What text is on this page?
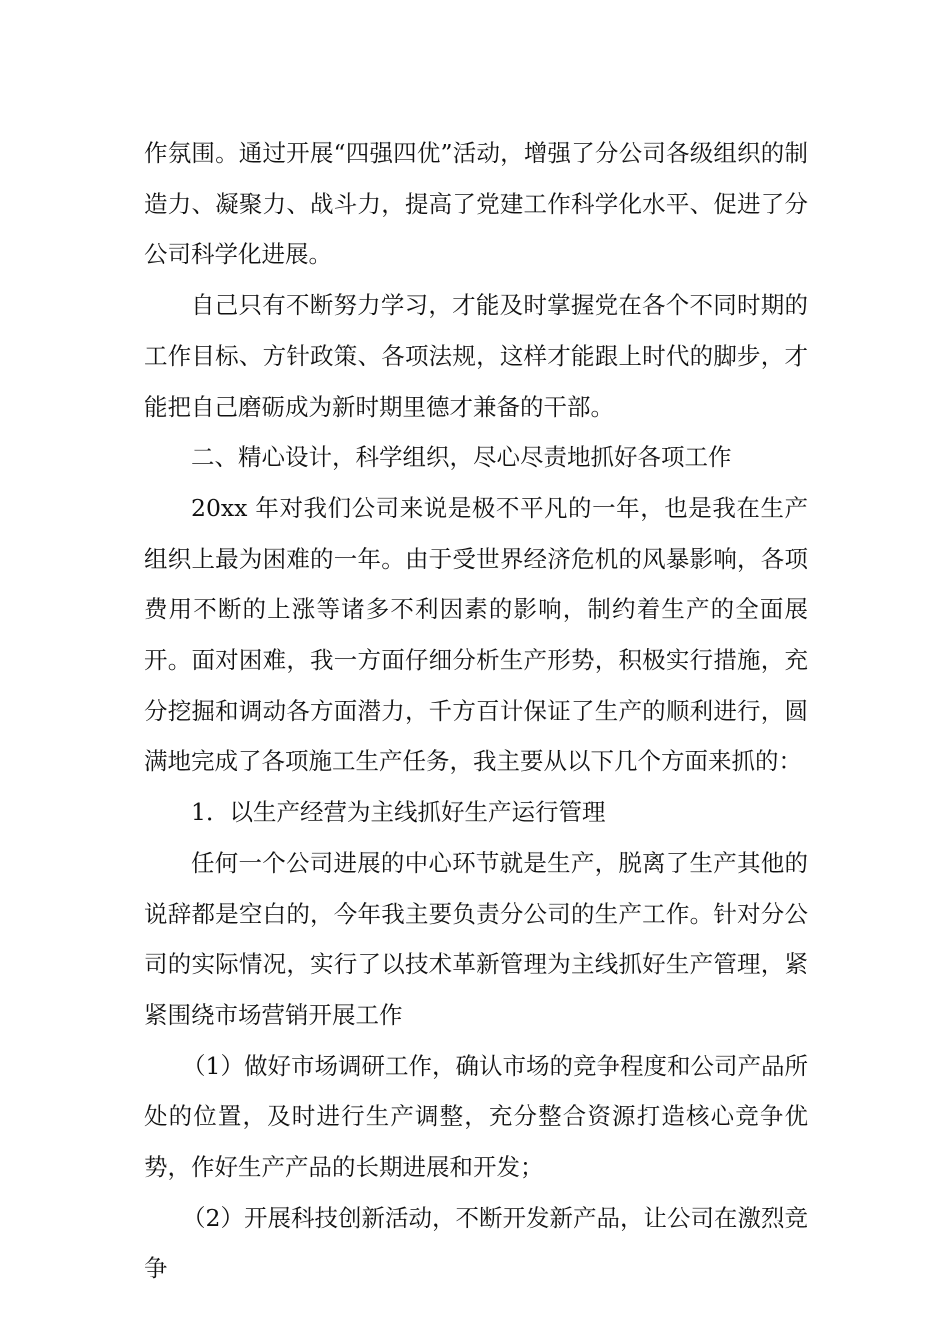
作氛围。通过开展“四强四优”活动，增强了分公司各级组织的制造力、凝聚力、战斗力，提高了党建工作科学化水平、促进了分公司科学化进展。

自己只有不断努力学习，才能及时掌握党在各个不同时期的工作目标、方针政策、各项法规，这样才能跟上时代的脚步，才能把自己磨砺成为新时期里德才兼备的干部。

二、精心设计，科学组织，尽心尽责地抓好各项工作

20xx 年对我们公司来说是极不平凡的一年，也是我在生产组织上最为困难的一年。由于受世界经济危机的风暴影响，各项费用不断的上涨等诸多不利因素的影响，制约着生产的全面展开。面对困难，我一方面仔细分析生产形势，积极实行措施，充分挖掘和调动各方面潜力，千方百计保证了生产的顺利进行，圆满地完成了各项施工生产任务，我主要从以下几个方面来抓的：

1．以生产经营为主线抓好生产运行管理

任何一个公司进展的中心环节就是生产，脱离了生产其他的说辞都是空白的，今年我主要负责分公司的生产工作。针对分公司的实际情况，实行了以技术革新管理为主线抓好生产管理，紧紧围绕市场营销开展工作

（1）做好市场调研工作，确认市场的竞争程度和公司产品所处的位置，及时进行生产调整，充分整合资源打造核心竞争优势，作好生产产品的长期进展和开发；

（2）开展科技创新活动，不断开发新产品，让公司在激烈竞争
